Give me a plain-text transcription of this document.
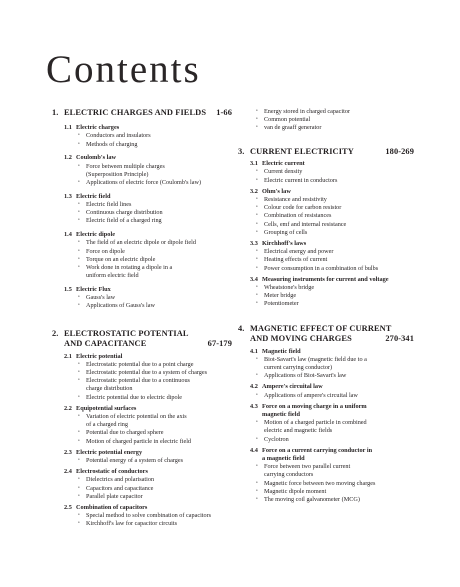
Contents
1. ELECTRIC CHARGES AND FIELDS 1-66
1.1 Electric charges
• Conductors and insulators
• Methods of charging
1.2 Coulomb's law
• Force between multiple charges
(Superposition Principle)
• Applications of electric force (Coulomb's law)
1.3 Electric field
• Electric field lines
• Continuous charge distribution
• Electric field of a charged ring
1.4 Electric dipole
• The field of an electric dipole or dipole field
• Force on dipole
• Torque on an electric dipole
• Work done in rotating a dipole in a
uniform electric field
1.5 Electric Flux
• Gauss's law
• Applications of Gauss's law
2. ELECTROSTATIC POTENTIAL
AND CAPACITANCE	67-179
2.1 Electric potential
• Electrostatic potential due to a point charge
• Electrostatic potential due to a system of charges
• Electrostatic potential due to a continuous
charge distribution
• Electric potential due to electric dipole
2.2 Equipotential surfaces
• Variation of electric potential on the axis
of a charged ring
• Potential due to charged sphere
• Motion of charged particle in electric field
2.3 Electric potential energy
• Potential energy of a system of charges
2.4 Electrostatic of conductors
• Dielectrics and polarisation
• Capacitors and capacitance
• Parallel plate capacitor
2.5 Combination of capacitors
• Special method to solve combination of capacitors
• Kirchhoff's law for capacitor circuits
• Energy stored in charged capacitor
• Common potential
• van de graaff generator
3. CURRENT ELECTRICITY	180-269
3.1 Electric current
• Current density
• Electric current in conductors
3.2 Ohm's law
• Resistance and resistivity
• Colour code for carbon resistor
• Combination of resistances
• Cells, emf and internal resistance
• Grouping of cells
3.3 Kirchhoff's laws
• Electrical energy and power
• Heating effects of current
• Power consumption in a combination of bulbs
3.4 Measuring instruments for current and voltage
• Wheatstone's bridge
• Meter bridge
• Potentiometer
4. MAGNETIC EFFECT OF CURRENT
AND MOVING CHARGES	270-341
4.1 Magnetic field
• Biot-Savart's law (magnetic field due to a
current carrying conductor)
• Applications of Biot-Savart's law
4.2 Ampere's circuital law
• Applications of ampere's circuital law
4.3 Force on a moving charge in a uniform
magnetic field
• Motion of a charged particle in combined
electric and magnetic fields
• Cyclotron
4.4 Force on a current carrying conductor in
a magnetic field
• Force between two parallel current
carrying conductors
• Magnetic force between two moving charges
• Magnetic dipole moment
• The moving coil galvanometer (MCG)
